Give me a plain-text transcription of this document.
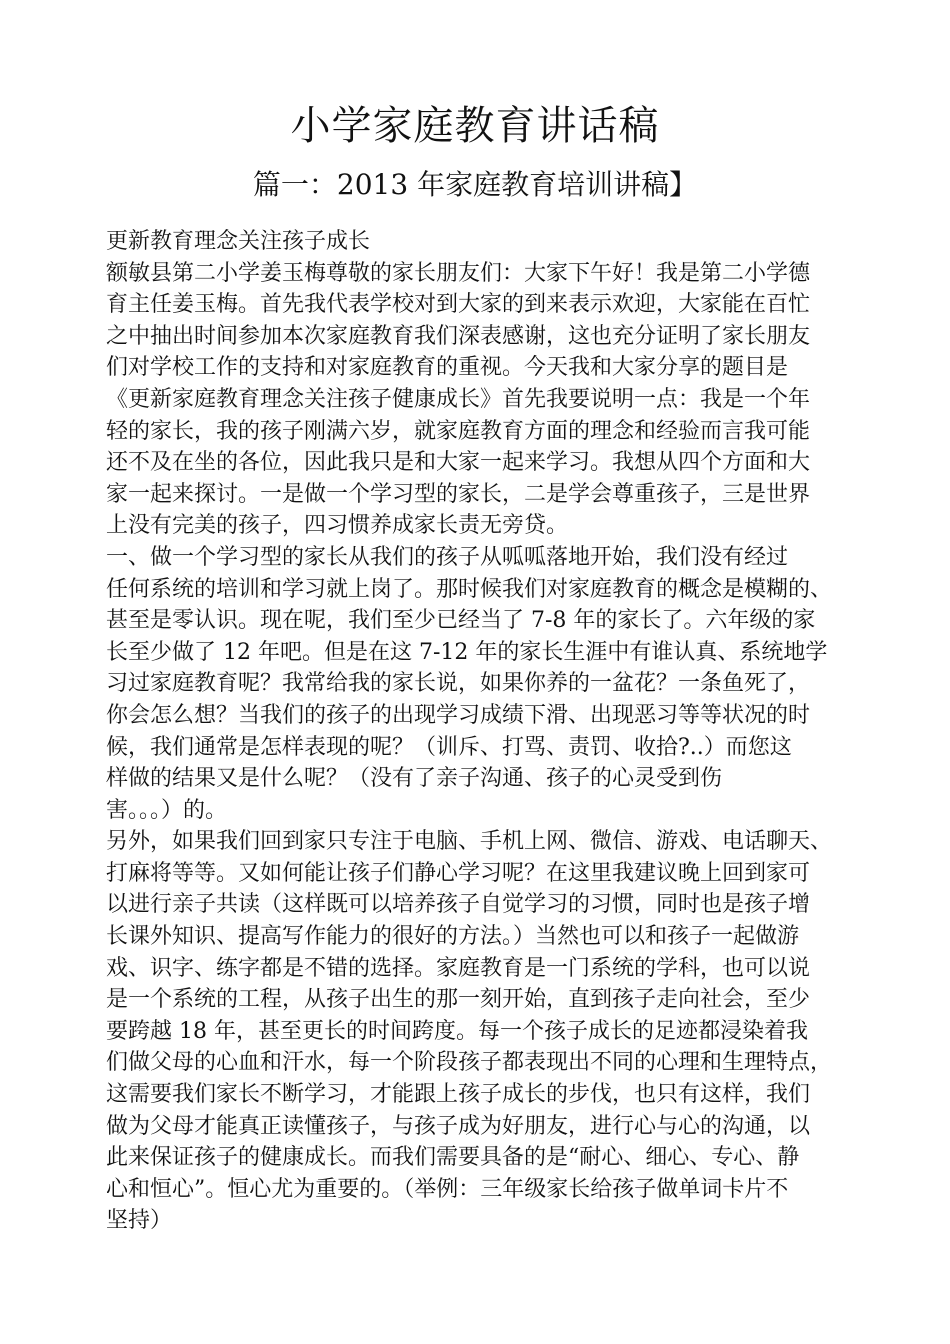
小学家庭教育讲话稿
篇一：2013 年家庭教育培训讲稿】
更新教育理念关注孩子成长
额敏县第二小学姜玉梅尊敬的家长朋友们：大家下午好！我是第二小学德
育主任姜玉梅。首先我代表学校对到大家的到来表示欢迎，大家能在百忙
之中抽出时间参加本次家庭教育我们深表感谢，这也充分证明了家长朋友
们对学校工作的支持和对家庭教育的重视。今天我和大家分享的题目是
《更新家庭教育理念关注孩子健康成长》首先我要说明一点：我是一个年
轻的家长，我的孩子刚满六岁，就家庭教育方面的理念和经验而言我可能
还不及在坐的各位，因此我只是和大家一起来学习。我想从四个方面和大
家一起来探讨。一是做一个学习型的家长，二是学会尊重孩子，三是世界
上没有完美的孩子，四习惯养成家长责无旁贷。
一、做一个学习型的家长从我们的孩子从呱呱落地开始，我们没有经过
任何系统的培训和学习就上岗了。那时候我们对家庭教育的概念是模糊的、
甚至是零认识。现在呢，我们至少已经当了 7-8 年的家长了。六年级的家
长至少做了 12 年吧。但是在这 7-12 年的家长生涯中有谁认真、系统地学
习过家庭教育呢？我常给我的家长说，如果你养的一盆花？一条鱼死了，
你会怎么想？当我们的孩子的出现学习成绩下滑、出现恶习等等状况的时
候，我们通常是怎样表现的呢？（训斥、打骂、责罚、收拾?..）而您这
样做的结果又是什么呢？（没有了亲子沟通、孩子的心灵受到伤
害。。。）的。
另外，如果我们回到家只专注于电脑、手机上网、微信、游戏、电话聊天、
打麻将等等。又如何能让孩子们静心学习呢？在这里我建议晚上回到家可
以进行亲子共读（这样既可以培养孩子自觉学习的习惯，同时也是孩子增
长课外知识、提高写作能力的很好的方法。）当然也可以和孩子一起做游
戏、识字、练字都是不错的选择。家庭教育是一门系统的学科，也可以说
是一个系统的工程，从孩子出生的那一刻开始，直到孩子走向社会，至少
要跨越 18 年，甚至更长的时间跨度。每一个孩子成长的足迹都浸染着我
们做父母的心血和汗水，每一个阶段孩子都表现出不同的心理和生理特点，
这需要我们家长不断学习，才能跟上孩子成长的步伐，也只有这样，我们
做为父母才能真正读懂孩子，与孩子成为好朋友，进行心与心的沟通，以
此来保证孩子的健康成长。而我们需要具备的是“耐心、细心、专心、静
心和恒心”。恒心尤为重要的。（举例：三年级家长给孩子做单词卡片不
坚持）
